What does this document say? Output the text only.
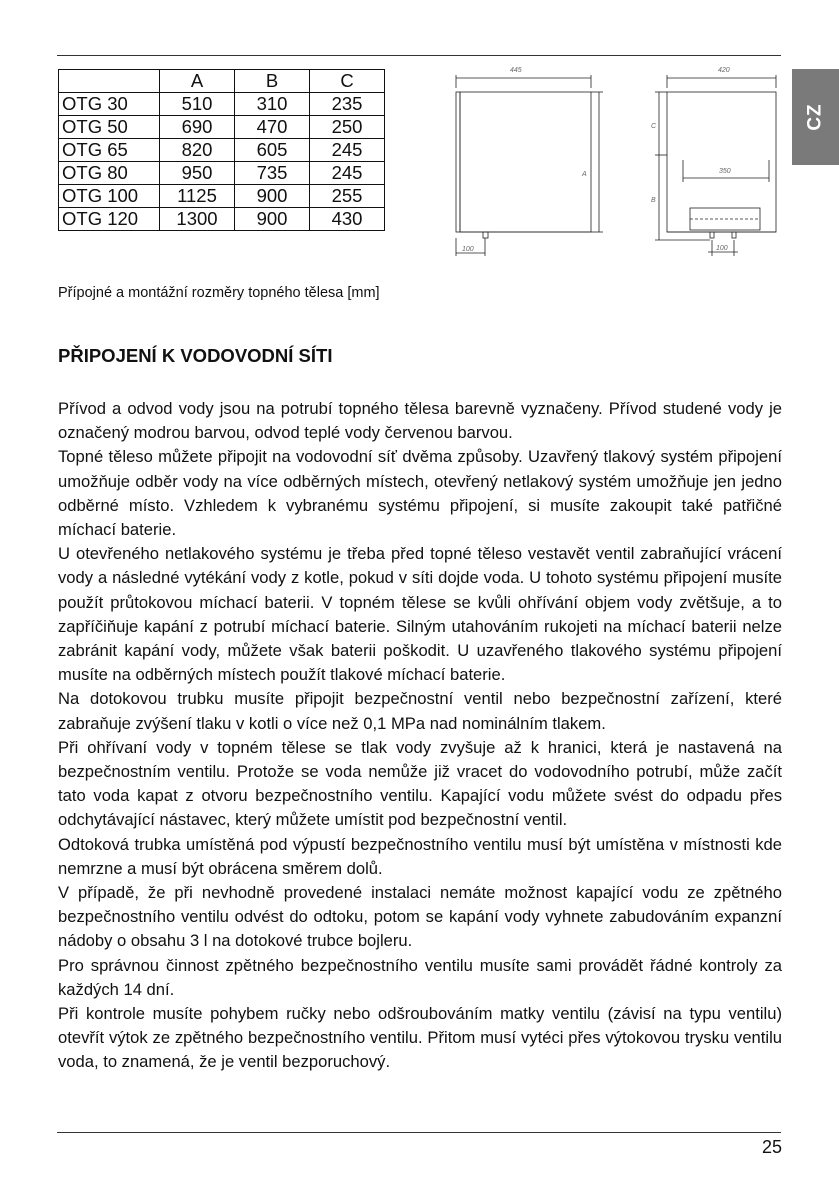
CZ
	A	B	C
OTG 30	510	310	235
OTG 50	690	470	250
OTG 65	820	605	245
OTG 80	950	735	245
OTG 100	1125	900	255
OTG 120	1300	900	430
445
A
100
420
350
C
B
100
Přípojné a montážní rozměry topného tělesa [mm]
PŘIPOJENÍ K VODOVODNÍ SÍTI

Přívod a odvod vody jsou na potrubí topného tělesa barevně vyznačeny. Přívod studené vody je označený modrou barvou, odvod teplé vody červenou barvou.

Topné těleso můžete připojit na vodovodní síť dvěma způsoby. Uzavřený tlakový systém připojení umožňuje odběr vody na více odběrných místech, otevřený netlakový systém umožňuje jen jedno odběrné místo. Vzhledem k vybranému systému připojení, si musíte zakoupit také patřičné míchací baterie.

U otevřeného netlakového systému je třeba před topné těleso vestavět ventil zabraňující vrácení vody a následné vytékání vody z kotle, pokud v síti dojde voda. U tohoto systému připojení musíte použít průtokovou míchací baterii. V topném tělese se kvůli ohřívání objem vody zvětšuje, a to zapříčiňuje kapání z potrubí míchací baterie. Silným utahováním rukojeti na míchací baterii nelze zabránit kapání vody, můžete však baterii poškodit. U uzavřeného tlakového systému připojení musíte na odběrných místech použít tlakové míchací baterie.

Na dotokovou trubku musíte připojit bezpečnostní ventil nebo bezpečnostní zařízení, které zabraňuje zvýšení tlaku v kotli o více než 0,1 MPa nad nominálním tlakem.

Při ohřívaní vody v topném tělese se tlak vody zvyšuje až k hranici, která je nastavená na bezpečnostním ventilu. Protože se voda nemůže již vracet do vodovodního potrubí, může začít tato voda kapat z otvoru bezpečnostního ventilu. Kapající vodu můžete svést do odpadu přes odchytávající nástavec, který můžete umístit pod bezpečnostní ventil.

Odtoková trubka umístěná pod výpustí bezpečnostního ventilu musí být umístěna v místnosti kde nemrzne a musí být obrácena směrem dolů.

V případě, že při nevhodně provedené instalaci nemáte možnost kapající vodu ze zpětného bezpečnostního ventilu odvést do odtoku, potom se kapání vody vyhnete zabudováním expanzní nádoby o obsahu 3 l na dotokové trubce bojleru.

Pro správnou činnost zpětného bezpečnostního ventilu musíte sami provádět řádné kontroly za každých 14 dní.

Při kontrole musíte pohybem ručky nebo odšroubováním matky ventilu (závisí na typu ventilu) otevřít výtok ze zpětného bezpečnostního ventilu. Přitom musí vytéci přes výtokovou trysku ventilu voda, to znamená, že je ventil bezporuchový.

25
